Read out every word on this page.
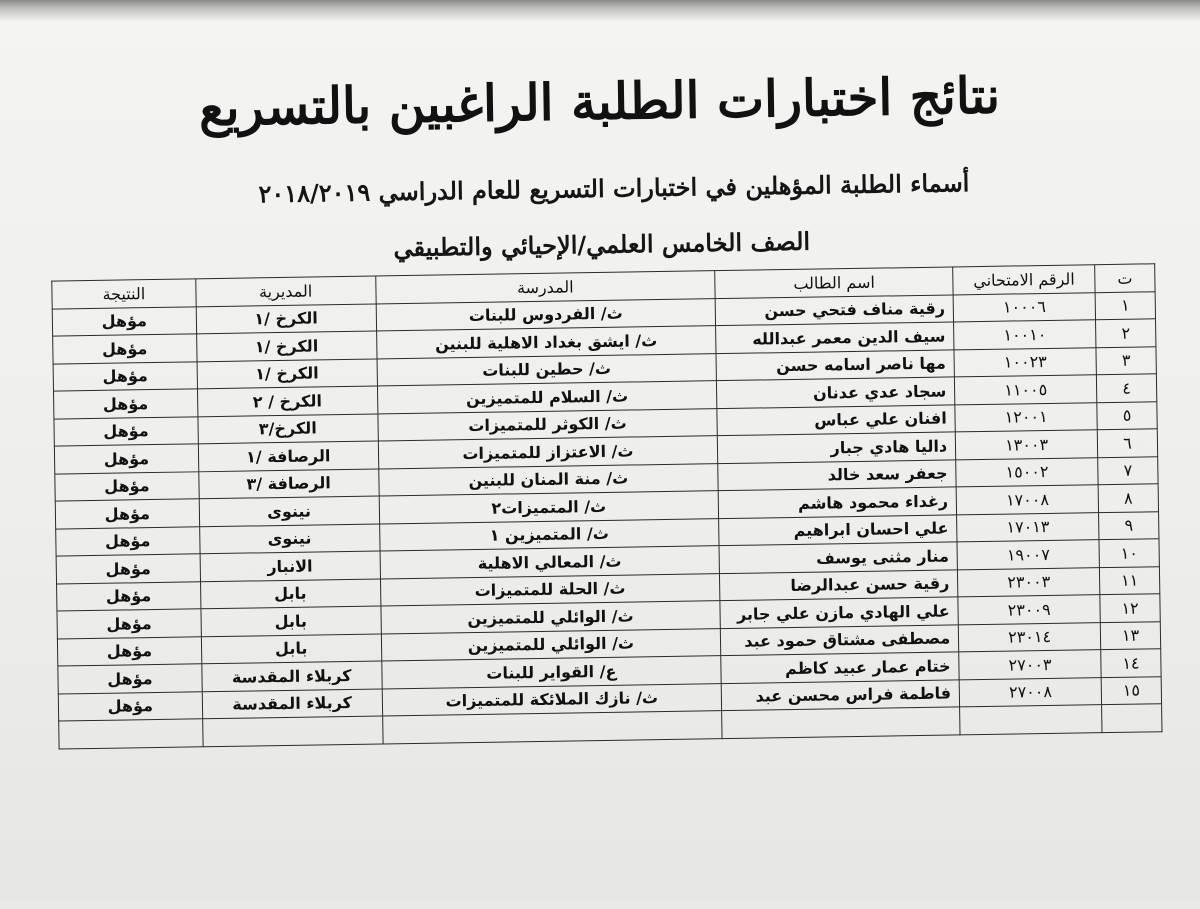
نتائج اختبارات الطلبة الراغبين بالتسريع
أسماء الطلبة المؤهلين في اختبارات التسريع للعام الدراسي ٢٠١٨/٢٠١٩
الصف الخامس العلمي/الإحيائي والتطبيقي
ت	الرقم الامتحاني	اسم الطالب	المدرسة	المديرية	النتيجة
١	١٠٠٠٦	رقية مناف فتحي حسن	ث/ الفردوس للبنات	الكرخ /١	مؤهل
٢	١٠٠١٠	سيف الدين معمر عبدالله	ث/ ايشق بغداد الاهلية للبنين	الكرخ /١	مؤهل
٣	١٠٠٢٣	مها ناصر اسامه حسن	ث/ حطين للبنات	الكرخ /١	مؤهل
٤	١١٠٠٥	سجاد عدي عدنان	ث/ السلام للمتميزين	الكرخ / ٢	مؤهل
٥	١٢٠٠١	افنان علي عباس	ث/ الكوثر للمتميزات	الكرخ/٣	مؤهل
٦	١٣٠٠٣	داليا هادي جبار	ث/ الاعتزاز للمتميزات	الرصافة /١	مؤهل
٧	١٥٠٠٢	جعفر سعد خالد	ث/ منة المنان للبنين	الرصافة /٣	مؤهل
٨	١٧٠٠٨	رغداء محمود هاشم	ث/ المتميزات٢	نينوى	مؤهل
٩	١٧٠١٣	علي احسان ابراهيم	ث/ المتميزين ١	نينوى	مؤهل
١٠	١٩٠٠٧	منار مثنى يوسف	ث/ المعالي الاهلية	الانبار	مؤهل
١١	٢٣٠٠٣	رقية حسن عبدالرضا	ث/ الحلة للمتميزات	بابل	مؤهل
١٢	٢٣٠٠٩	علي الهادي مازن علي جابر	ث/ الوائلي للمتميزين	بابل	مؤهل
١٣	٢٣٠١٤	مصطفى مشتاق حمود عبد	ث/ الوائلي للمتميزين	بابل	مؤهل
١٤	٢٧٠٠٣	ختام عمار عبيد كاظم	ع/ القواير للبنات	كربلاء المقدسة	مؤهل
١٥	٢٧٠٠٨	فاطمة فراس محسن عبد	ث/ نازك الملائكة للمتميزات	كربلاء المقدسة	مؤهل
